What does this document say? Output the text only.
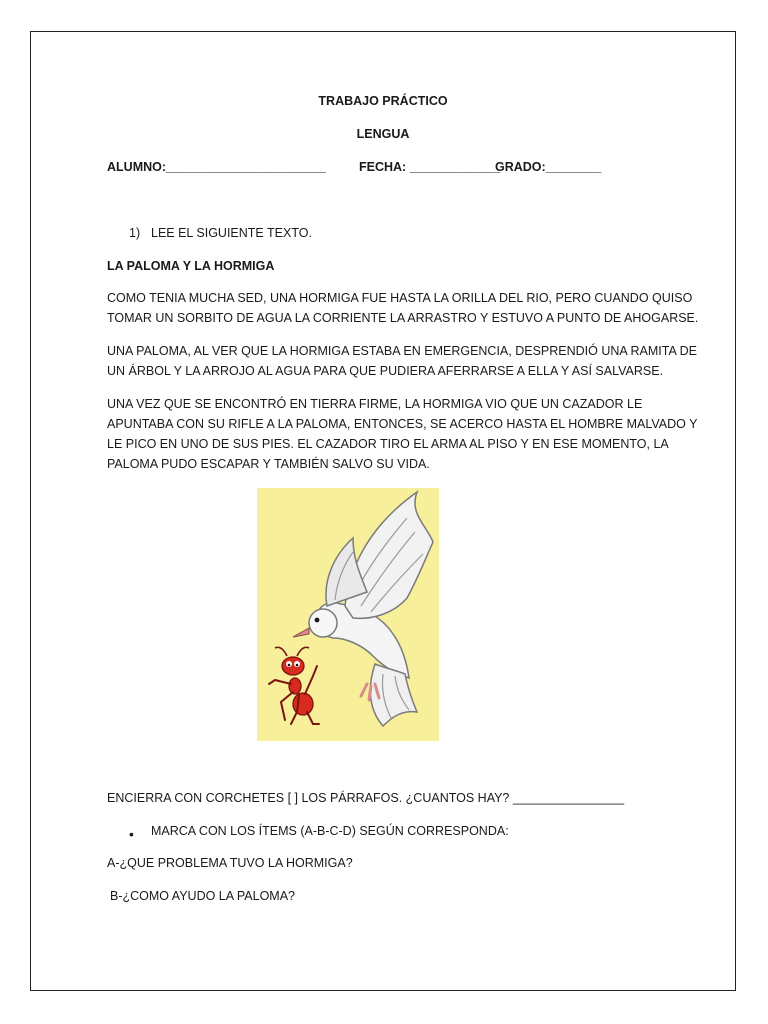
TRABAJO PRÁCTICO
LENGUA
ALUMNO:_______________________	FECHA: _____________
GRADO:________
1) LEE EL SIGUIENTE TEXTO.
LA PALOMA Y LA HORMIGA
COMO TENIA MUCHA SED, UNA HORMIGA FUE HASTA LA ORILLA DEL RIO, PERO CUANDO QUISO
TOMAR UN SORBITO DE AGUA LA CORRIENTE LA ARRASTRO Y ESTUVO A PUNTO DE AHOGARSE.
UNA PALOMA, AL VER QUE LA HORMIGA ESTABA EN EMERGENCIA, DESPRENDIÓ UNA RAMITA DE
UN ÁRBOL Y LA ARROJO AL AGUA PARA QUE PUDIERA AFERRARSE A ELLA Y ASÍ SALVARSE.
UNA VEZ QUE SE ENCONTRÓ EN TIERRA FIRME, LA HORMIGA VIO QUE UN CAZADOR LE
APUNTABA CON SU RIFLE A LA PALOMA, ENTONCES, SE ACERCO HASTA EL HOMBRE MALVADO Y
LE PICO EN UNO DE SUS PIES. EL CAZADOR TIRO EL ARMA AL PISO Y EN ESE MOMENTO, LA
PALOMA PUDO ESCAPAR Y TAMBIÉN SALVO SU VIDA.
ENCIERRA CON CORCHETES [ ] LOS PÁRRAFOS. ¿CUANTOS HAY? ________________
• MARCA CON LOS ÍTEMS (A-B-C-D) SEGÚN CORRESPONDA:
A-¿QUE PROBLEMA TUVO LA HORMIGA?
B-¿COMO AYUDO LA PALOMA?
